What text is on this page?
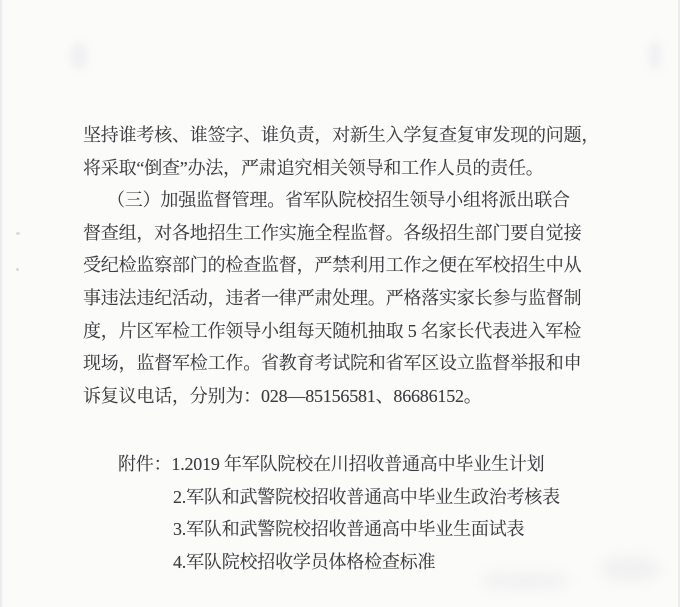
坚持谁考核、谁签字、谁负责，对新生入学复查复审发现的问题，
将采取“倒查”办法，严肃追究相关领导和工作人员的责任。
（三）加强监督管理。省军队院校招生领导小组将派出联合
督查组，对各地招生工作实施全程监督。各级招生部门要自觉接
受纪检监察部门的检查监督，严禁利用工作之便在军校招生中从
事违法违纪活动，违者一律严肃处理。严格落实家长参与监督制
度，片区军检工作领导小组每天随机抽取 5 名家长代表进入军检
现场，监督军检工作。省教育考试院和省军区设立监督举报和申
诉复议电话，分别为：028—85156581、86686152。
附件：1.2019 年军队院校在川招收普通高中毕业生计划
2.军队和武警院校招收普通高中毕业生政治考核表
3.军队和武警院校招收普通高中毕业生面试表
4.军队院校招收学员体格检查标准
